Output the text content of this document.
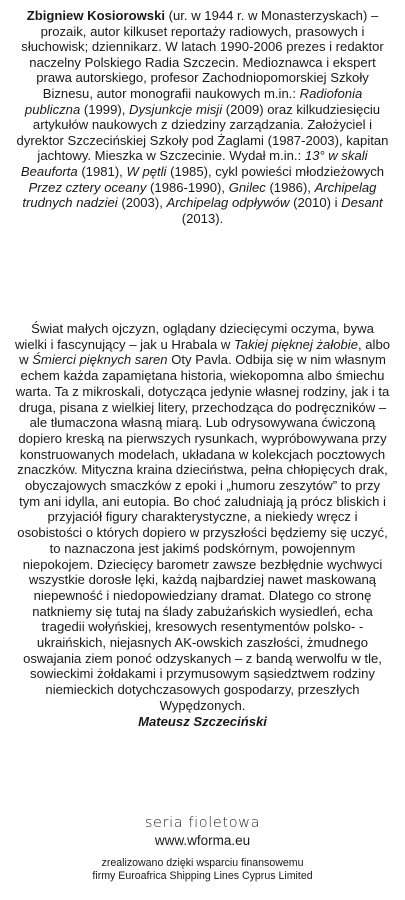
Zbigniew Kosiorowski (ur. w 1944 r. w Monasterzyskach) – prozaik, autor kilkuset reportaży radiowych, prasowych i słuchowisk; dziennikarz. W latach 1990-2006 prezes i redaktor naczelny Polskiego Radia Szczecin. Medioznawca i ekspert prawa autorskiego, profesor Zachodniopomorskiej Szkoły Biznesu, autor monografii naukowych m.in.: Radiofonia publiczna (1999), Dysjunkcje misji (2009) oraz kilkudziesięciu artykułów naukowych z dziedziny zarządzania. Założyciel i dyrektor Szczecińskiej Szkoły pod Żaglami (1987-2003), kapitan jachtowy. Mieszka w Szczecinie. Wydał m.in.: 13° w skali Beauforta (1981), W pętli (1985), cykl powieści młodzieżowych Przez cztery oceany (1986-1990), Gnilec (1986), Archipelag trudnych nadziei (2003), Archipelag odpływów (2010) i Desant (2013).
Świat małych ojczyzn, oglądany dziecięcymi oczyma, bywa wielki i fascynujący – jak u Hrabala w Takiej pięknej żałobie, albo w Śmierci pięknych saren Oty Pavla. Odbija się w nim własnym echem każda zapamiętana historia, wiekopomna albo śmiechu warta. Ta z mikroskali, dotycząca jedynie własnej rodziny, jak i ta druga, pisana z wielkiej litery, przechodząca do podręczników – ale tłumaczona własną miarą. Lub odrysowywana ćwiczoną dopiero kreską na pierwszych rysunkach, wypróbowywana przy konstruowanych modelach, układana w kolekcjach pocztowych znaczków. Mityczna kraina dzieciństwa, pełna chłopięcych drak, obyczajowych smaczków z epoki i „humoru zeszytów” to przy tym ani idylla, ani eutopia. Bo choć zaludniają ją prócz bliskich i przyjaciół figury charakterystyczne, a niekiedy wręcz i osobistości o których dopiero w przyszłości będziemy się uczyć, to naznaczona jest jakimś podskórnym, powojennym niepokojem. Dziecięcy barometr zawsze bezbłędnie wychwyci wszystkie dorosłe lęki, każdą najbardziej nawet maskowaną niepewność i niedopowiedziany dramat. Dlatego co stronę natkniemy się tutaj na ślady zabużańskich wysiedleń, echa tragedii wołyńskiej, kresowych resentymentów polsko- -ukraińskich, niejasnych AK-owskich zaszłości, żmudnego oswajania ziem ponoć odzyskanych – z bandą werwolfu w tle, sowieckimi żołdakami i przymusowym sąsiedztwem rodziny niemieckich dotychczasowych gospodarzy, przeszłych Wypędzonych.
Mateusz Szczeciński
seria fioletowa
www.wforma.eu
zrealizowano dzięki wsparciu finansowemu
firmy Euroafrica Shipping Lines Cyprus Limited
